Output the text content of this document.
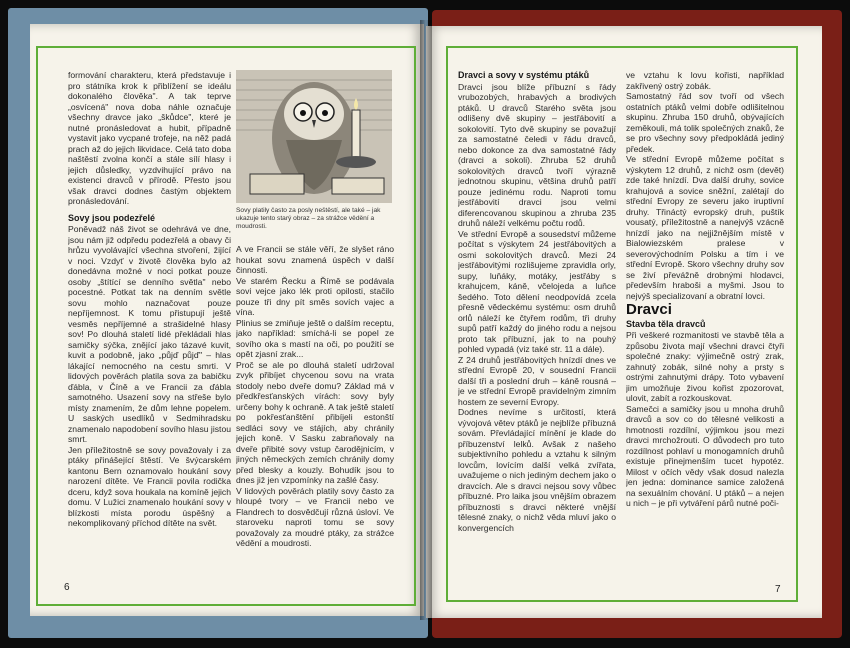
formování charakteru, která představuje i pro státníka krok k přiblížení se ideálu dokonalého člověka". A tak teprve „osvícená" nova doba náhle označuje všechny dravce jako „škůdce", které je nutné pronásledovat a hubit, případně vystavit jako vycpané trofeje, na něž padá prach až do jejich likvidace. Celá tato doba naštěstí zvolna končí a stále sílí hlasy i jejich důsledky, vyzdvihující právo na existenci dravců v přírodě. Přesto jsou však dravci dodnes častým objektem pronásledování.

Sovy jsou podezřelé

Poněvadž náš život se odehrává ve dne, jsou nám již odpředu podezřelá a obavy či hrůzu vyvolávající všechna stvoření, žijící v noci. Vzdyť v životě člověka bylo až donedávna možné v noci potkat pouze osoby „štítící se denního světla" nebo pocestné. Potkat tak na denním světle sovu mohlo naznačovat pouze nepříjemnost. K tomu přistupují ještě vesměs nepříjemné a strašidelné hlasy sov! Po dlouhá staletí lidé překládali hlas samičky sýčka, znějící jako tázavé kuvit, kuvit a podobně, jako „půjď půjď" – hlas lákající nemocného na cestu smrti. V lidových pověrách platila sova za babičku ďábla, v Číně a ve Francii za ďábla samotného. Usazení sovy na střeše bylo místy znamením, že dům lehne popelem. U saských usedlíků v Sedmihradsku znamenalo napodobení sovího hlasu jistou smrt.

Jen příležitostně se sovy považovaly i za ptáky přinášející štěstí. Ve švýcarském kantonu Bern oznamovalo houkání sovy narození dítěte. Ve Francii povila rodička dceru, když sova houkala na komíně jejich domu. V Lužici znamenalo houkání sovy v blízkosti místa porodu úspěšný a nekomplikovaný příchod dítěte na svět.

Sovy platily často za posly neštěstí, ale také – jak ukazuje tento starý obraz – za strážce vědění a moudrosti.

A ve Francii se stále věří, že slyšet ráno houkat sovu znamená úspěch v další činnosti.

Ve starém Řecku a Římě se podávala sovi vejce jako lék proti opilosti, stačilo pouze tři dny pít směs sovích vajec a vína.

Plinius se zmiňuje ještě o dalším receptu, jako například: smíchá-li se popel ze sovího oka s mastí na oči, po použití se opět zjasní zrak...

Proč se ale po dlouhá staletí udržoval zvyk přibíjet chycenou sovu na vrata stodoly nebo dveře domu? Základ má v předkřesťanských vírách: sovy byly určeny bohy k ochraně. A tak ještě staletí po pokřesťanštění přibíjeli estonští sedláci sovy ve stájích, aby chránily jejich koně. V Sasku zabraňovaly na dveře přibité sovy vstup čarodějnicím, v jiných německých zemích chránily domy před blesky a kouzly. Bohudík jsou to dnes již jen vzpomínky na zašlé časy.

V lidových pověrách platily sovy často za hloupé tvory – ve Francii nebo ve Flandrech to dosvědčují různá úsloví. Ve staroveku naproti tomu se sovy považovaly za moudré ptáky, za strážce vědění a moudrosti.

6
Dravci a sovy v systému ptáků

Dravci jsou blíže příbuzní s řády vrubozobých, hrabavých a brodivých ptáků. U dravců Starého světa jsou odlišeny dvě skupiny – jestřábovití a sokolovití. Tyto dvě skupiny se považují za samostatné čeledi v řádu dravců, nebo dokonce za dva samostatné řády (dravci a sokoli). Zhruba 52 druhů sokolovitých dravců tvoří výrazně jednotnou skupinu, většina druhů patří pouze jedinému rodu. Naproti tomu jestřábovití dravci jsou velmi diferencovanou skupinou a zhruba 235 druhů náleží velkému počtu rodů.

Ve střední Evropě a sousedství můžeme počítat s výskytem 24 jestřábovitých a osmi sokolovitých dravců. Mezi 24 jestřábovitými rozlišujeme zpravidla orly, supy, luňáky, motáky, jestřáby s krahujcem, káně, včelojeda a luňce šedého. Toto dělení neodpovídá zcela přesně vědeckému systému: osm druhů orlů náleží ke čtyřem rodům, tři druhy supů patří každý do jiného rodu a nejsou proto tak příbuzní, jak to na pouhý pohled vypadá (viz také str. 11 a dále).

Z 24 druhů jestřábovitých hnízdí dnes ve střední Evropě 20, v sousední Francii další tři a poslední druh – káně rousná – je ve střední Evropě pravidelným zimním hostem ze severní Evropy.

Dodnes nevíme s určitostí, která vývojová větev ptáků je nejblíže příbuzná sovám. Převládající mínění je klade do příbuzenství lelků. Avšak z našeho subjektivního pohledu a vztahu k silným lovcům, lovícím další velká zvířata, uvažujeme o nich jediným dechem jako o dravcích. Ale s dravci nejsou sovy vůbec příbuzné. Pro laika jsou vnějším obrazem příbuznosti s dravci některé vnější tělesné znaky, o nichž věda mluví jako o konvergencích

ve vztahu k lovu kořisti, například zakřivený ostrý zobák.

Samostatný řád sov tvoří od všech ostatních ptáků velmi dobře odlišitelnou skupinu. Zhruba 150 druhů, obývajících zeměkouli, má tolik společných znaků, že se pro všechny sovy předpokládá jediný předek.

Ve střední Evropě můžeme počítat s výskytem 12 druhů, z nichž osm (devět) zde také hnízdí. Dva další druhy, sovice krahujová a sovice sněžní, zalétají do střední Evropy ze severu jako iruptivní druhy. Třináctý evropský druh, puštík vousatý, příležitostně a nanejvýš vzácně hnízdí jako na nejjižnějším místě v Bialowiezském pralese v severovýchodním Polsku a tím i ve střední Evropě. Skoro všechny druhy sov se živí převážně drobnými hlodavci, především hraboši a myšmi. Jsou to nejvýš specializovaní a obratní lovci.

Dravci
Stavba těla dravců

Při veškeré rozmanitosti ve stavbě těla a způsobu života mají všechni dravci čtyři společné znaky: výjimečně ostrý zrak, zahnutý zobák, silné nohy a prsty s ostrými zahnutými drápy. Toto vybavení jim umožňuje živou kořist zpozorovat, ulovit, zabít a rozkouskovat.

Samečci a samičky jsou u mnoha druhů dravců a sov co do tělesné velikosti a hmotnosti rozdílní, výjimkou jsou mezi dravci mrchožrouti. O důvodech pro tuto rozdílnost pohlaví u monogamních druhů existuje přinejmenším tucet hypotéz. Milost v očích vědy však dosud nalezla jen jedna: dominance samice založená na sexuálním chování. U ptáků – a nejen u nich – je při vytváření párů nutné poči-

7
